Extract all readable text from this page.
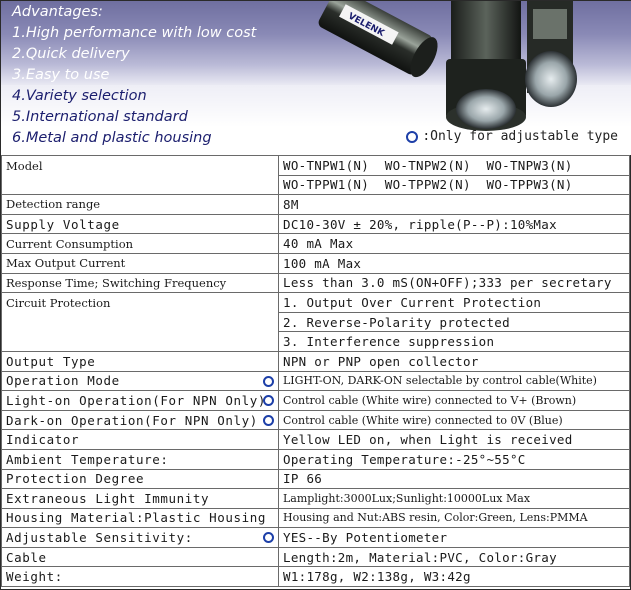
VELENK
Advantages:
1.High performance with low cost
2.Quick delivery
3.Easy to use
4.Variety selection
5.International standard
6.Metal and plastic housing	:Only for adjustable type
Model	WO-TNPW1(N) WO-TNPW2(N) WO-TNPW3(N)
	WO-TPPW1(N) WO-TPPW2(N) WO-TPPW3(N)
Detection range	8M
Supply Voltage	DC10-30V ± 20%, ripple(P--P):10%Max
Current Consumption	40 mA Max
Max Output Current	100 mA Max
Response Time; Switching Frequency	Less than 3.0 mS(ON+OFF);333 per secretary
Circuit Protection	1. Output Over Current Protection
	2. Reverse-Polarity protected
	3. Interference suppression
Output Type	NPN or PNP open collector
Operation Mode	LIGHT-ON, DARK-ON selectable by control cable(White)
Light-on Operation(For NPN Only)	Control cable (White wire) connected to V+ (Brown)
Dark-on Operation(For NPN Only)	Control cable (White wire) connected to 0V (Blue)
Indicator	Yellow LED on, when Light is received
Ambient Temperature:	Operating Temperature:-25°~55°C
Protection Degree	IP 66
Extraneous Light Immunity	Lamplight:3000Lux;Sunlight:10000Lux Max
Housing Material:Plastic Housing	Housing and Nut:ABS resin, Color:Green, Lens:PMMA
Adjustable Sensitivity:	YES--By Potentiometer
Cable	Length:2m, Material:PVC, Color:Gray
Weight:	W1:178g, W2:138g, W3:42g
